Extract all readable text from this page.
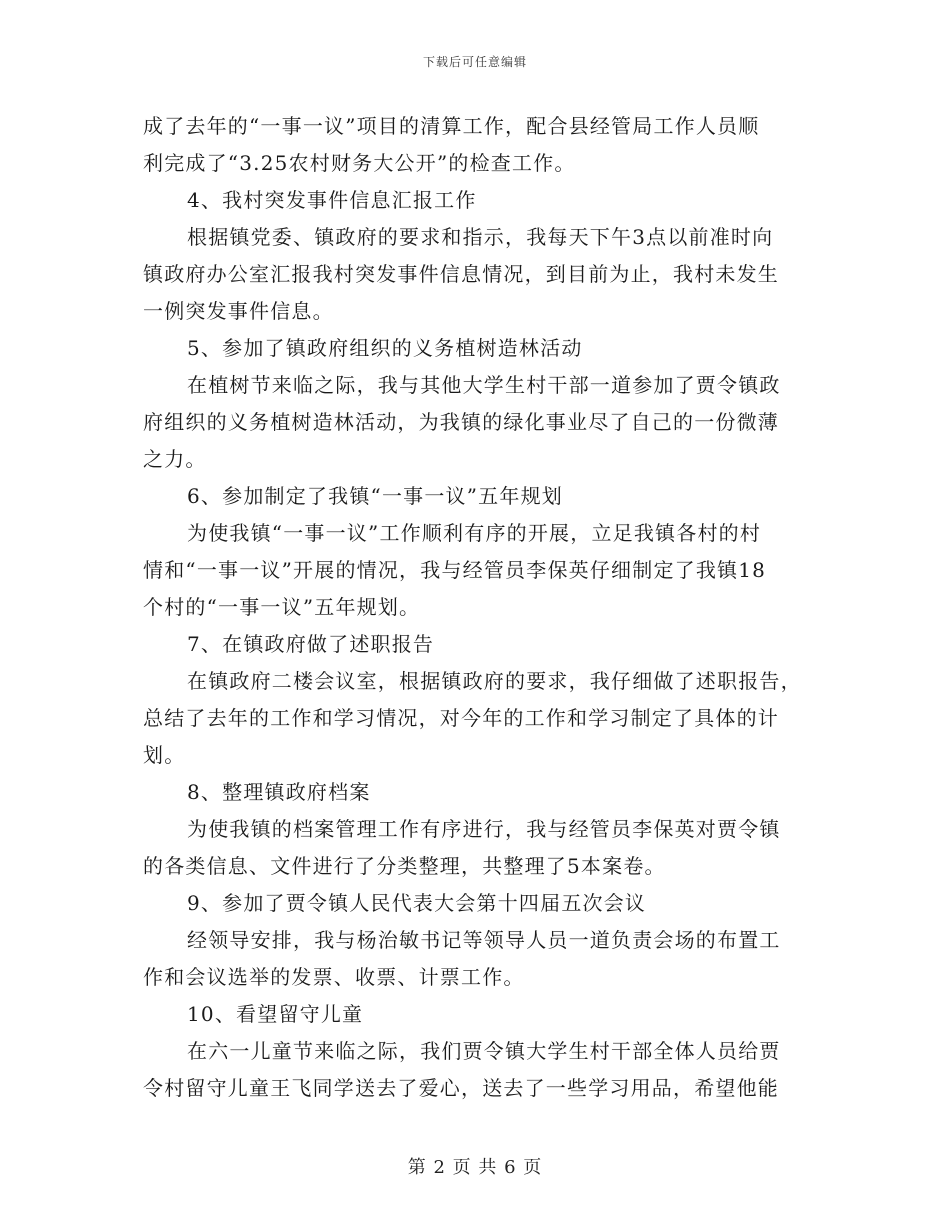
下载后可任意编辑
成了去年的“一事一议”项目的清算工作，配合县经管局工作人员顺
利完成了“3.25农村财务大公开”的检查工作。
4、我村突发事件信息汇报工作
根据镇党委、镇政府的要求和指示，我每天下午3点以前准时向
镇政府办公室汇报我村突发事件信息情况，到目前为止，我村未发生
一例突发事件信息。
5、参加了镇政府组织的义务植树造林活动
在植树节来临之际，我与其他大学生村干部一道参加了贾令镇政
府组织的义务植树造林活动，为我镇的绿化事业尽了自己的一份微薄
之力。
6、参加制定了我镇“一事一议”五年规划
为使我镇“一事一议”工作顺利有序的开展，立足我镇各村的村
情和“一事一议”开展的情况，我与经管员李保英仔细制定了我镇18
个村的“一事一议”五年规划。
7、在镇政府做了述职报告
在镇政府二楼会议室，根据镇政府的要求，我仔细做了述职报告，
总结了去年的工作和学习情况，对今年的工作和学习制定了具体的计
划。
8、整理镇政府档案
为使我镇的档案管理工作有序进行，我与经管员李保英对贾令镇
的各类信息、文件进行了分类整理，共整理了5本案卷。
9、参加了贾令镇人民代表大会第十四届五次会议
经领导安排，我与杨治敏书记等领导人员一道负责会场的布置工
作和会议选举的发票、收票、计票工作。
10、看望留守儿童
在六一儿童节来临之际，我们贾令镇大学生村干部全体人员给贾
令村留守儿童王飞同学送去了爱心，送去了一些学习用品，希望他能
第 2 页 共 6 页
